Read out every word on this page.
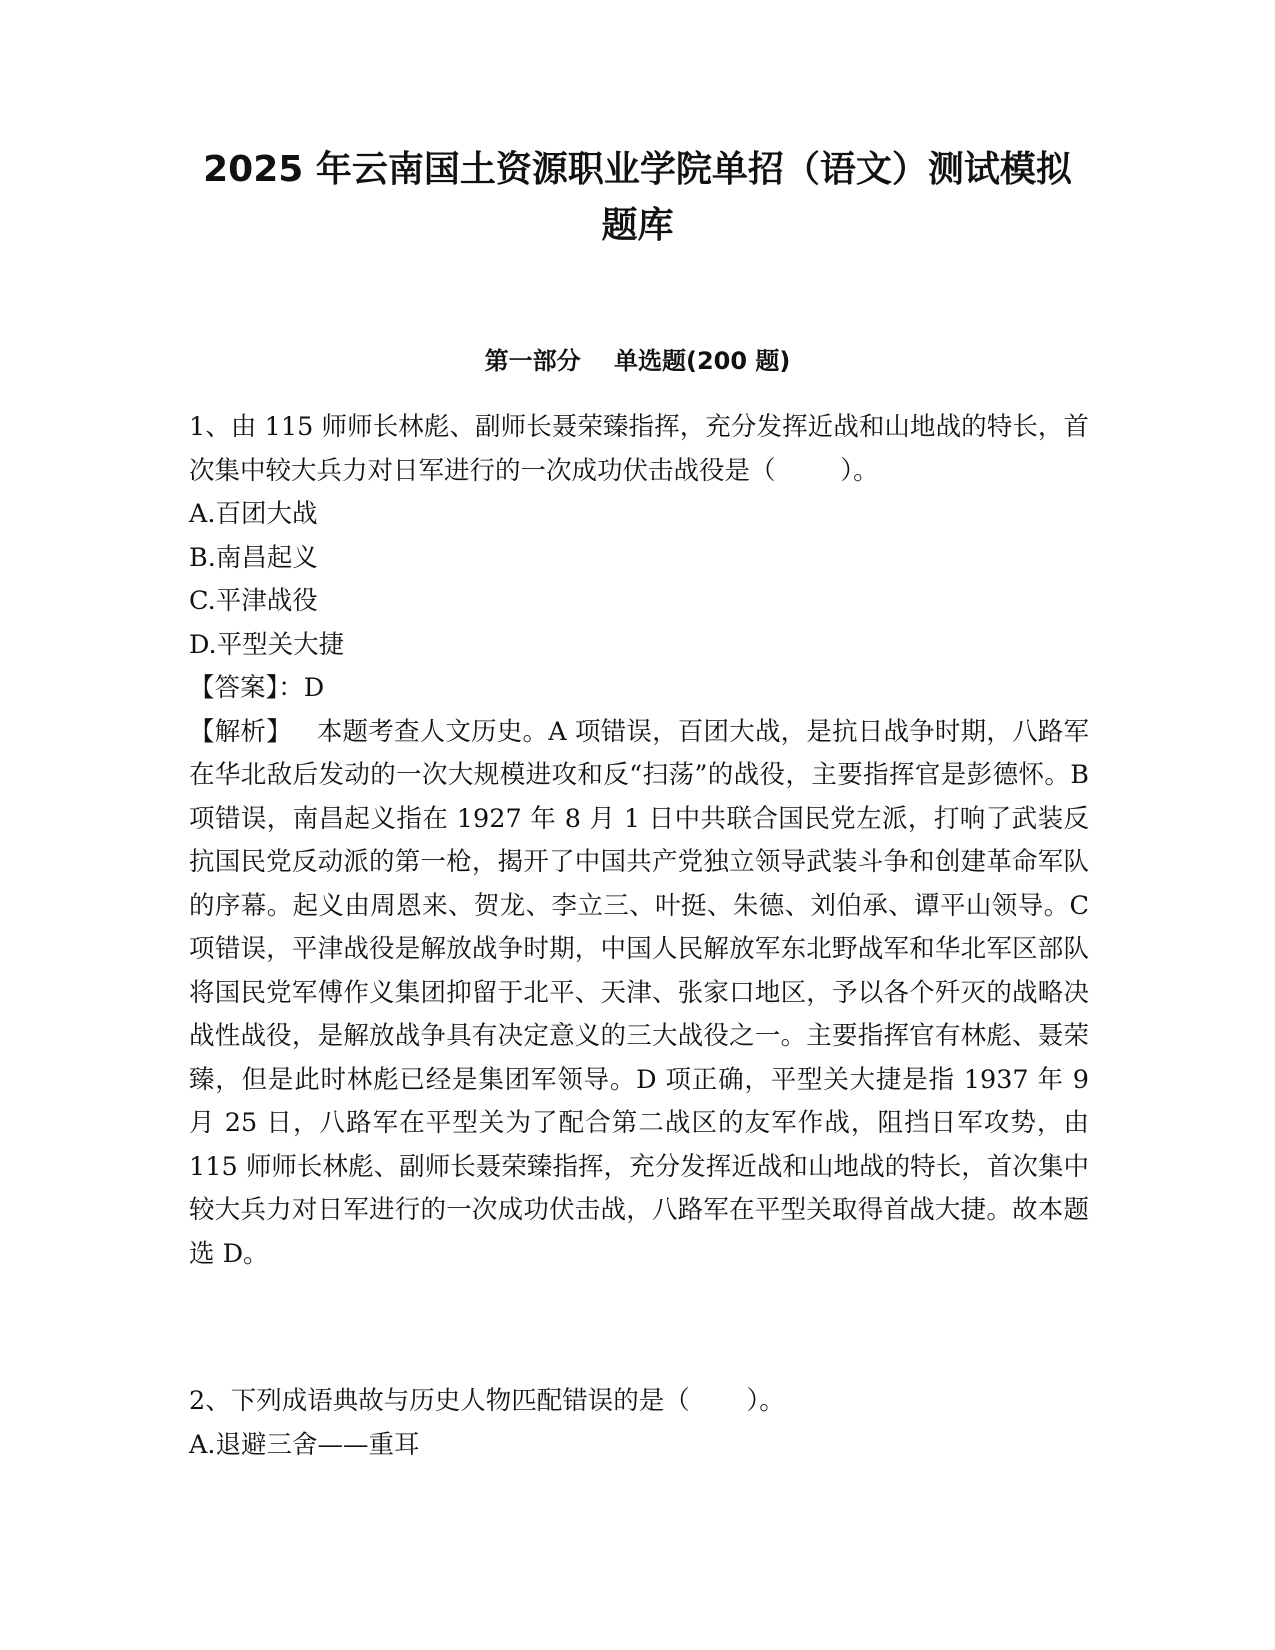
2025 年云南国土资源职业学院单招（语文）测试模拟
题库
第一部分    单选题(200 题)

1、由 115 师师长林彪、副师长聂荣臻指挥，充分发挥近战和山地战的特长，首次集中较大兵力对日军进行的一次成功伏击战役是（        ）。

A.百团大战

B.南昌起义

C.平津战役

D.平型关大捷

【答案】：D

【解析】   本题考查人文历史。A 项错误，百团大战，是抗日战争时期，八路军在华北敌后发动的一次大规模进攻和反“扫荡”的战役，主要指挥官是彭德怀。B 项错误，南昌起义指在 1927 年 8 月 1 日中共联合国民党左派，打响了武装反抗国民党反动派的第一枪，揭开了中国共产党独立领导武装斗争和创建革命军队的序幕。起义由周恩来、贺龙、李立三、叶挺、朱德、刘伯承、谭平山领导。C 项错误，平津战役是解放战争时期，中国人民解放军东北野战军和华北军区部队将国民党军傅作义集团抑留于北平、天津、张家口地区，予以各个歼灭的战略决战性战役，是解放战争具有决定意义的三大战役之一。主要指挥官有林彪、聂荣臻，但是此时林彪已经是集团军领导。D 项正确，平型关大捷是指 1937 年 9 月 25 日，八路军在平型关为了配合第二战区的友军作战，阻挡日军攻势，由 115 师师长林彪、副师长聂荣臻指挥，充分发挥近战和山地战的特长，首次集中较大兵力对日军进行的一次成功伏击战，八路军在平型关取得首战大捷。故本题选 D。

2、下列成语典故与历史人物匹配错误的是（       ）。

A.退避三舍——重耳
